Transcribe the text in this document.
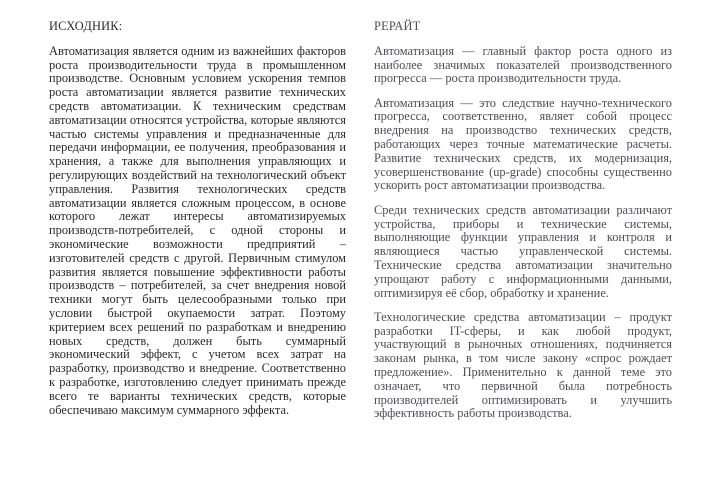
ИСХОДНИК:

Автоматизация является одним из важнейших факторов роста производительности труда в промышленном производстве. Основным условием ускорения темпов роста автоматизации является развитие технических средств автоматизации. К техническим средствам автоматизации относятся устройства, которые являются частью системы управления и предназначенные для передачи информации, ее получения, преобразования и хранения, а также для выполнения управляющих и регулирующих воздействий на технологический объект управления. Развития технологических средств автоматизации является сложным процессом, в основе которого лежат интересы автоматизируемых производств-потребителей, с одной стороны и экономические возможности предприятий – изготовителей средств с другой. Первичным стимулом развития является повышение эффективности работы производств – потребителей, за счет внедрения новой техники могут быть целесообразными только при условии быстрой окупаемости затрат. Поэтому критерием всех решений по разработкам и внедрению новых средств, должен быть суммарный экономический эффект, с учетом всех затрат на разработку, производство и внедрение. Соответственно к разработке, изготовлению следует принимать прежде всего те варианты технических средств, которые обеспечиваю максимум суммарного эффекта.

РЕРАЙТ

Автоматизация — главный фактор роста одного из наиболее значимых показателей производственного прогресса — роста производительности труда.

Автоматизация — это следствие научно-технического прогресса, соответственно, являет собой процесс внедрения на производство технических средств, работающих через точные математические расчеты. Развитие технических средств, их модернизация, усовершенствование (up-grade) способны существенно ускорить рост автоматизации производства.

Среди технических средств автоматизации различают устройства, приборы и технические системы, выполняющие функции управления и контроля и являющиеся частью управленческой системы. Технические средства автоматизации значительно упрощают работу с информационными данными, оптимизируя её сбор, обработку и хранение.

Технологические средства автоматизации – продукт разработки IT-сферы, и как любой продукт, участвующий в рыночных отношениях, подчиняется законам рынка, в том числе закону «спрос рождает предложение». Применительно к данной теме это означает, что первичной была потребность производителей оптимизировать и улучшить эффективность работы производства.
